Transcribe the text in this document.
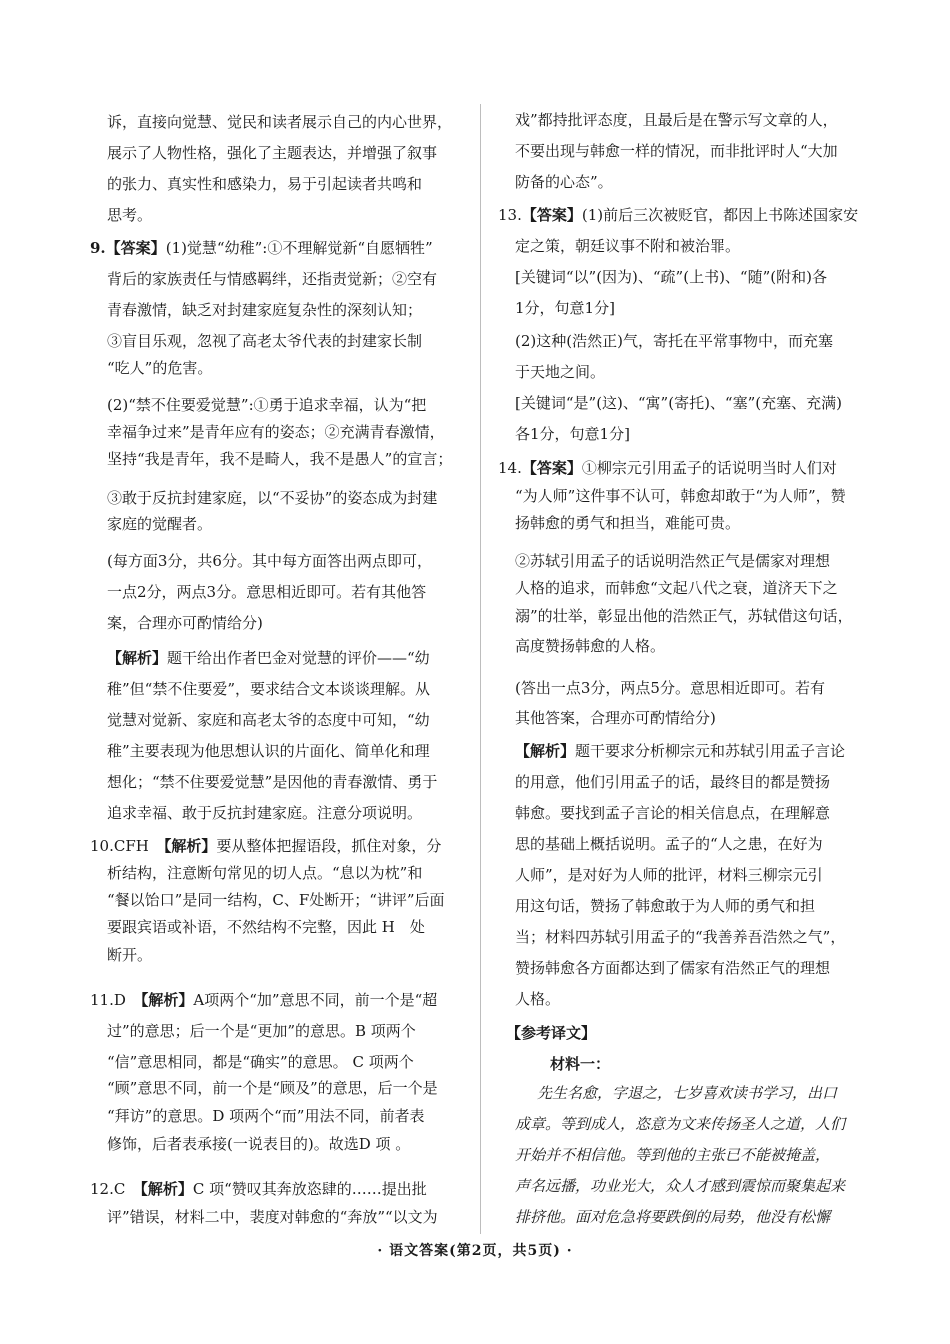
诉，直接向觉慧、觉民和读者展示自己的内心世界，
展示了人物性格，强化了主题表达，并增强了叙事
的张力、真实性和感染力，易于引起读者共鸣和
思考。
9.【答案】(1)觉慧“幼稚”:①不理解觉新“自愿牺牲”
背后的家族责任与情感羁绊，还指责觉新；②空有
青春激情，缺乏对封建家庭复杂性的深刻认知；
③盲目乐观，忽视了高老太爷代表的封建家长制
“吃人”的危害。
(2)“禁不住要爱觉慧”:①勇于追求幸福，认为“把
幸福争过来”是青年应有的姿态；②充满青春激情，
坚持“我是青年，我不是畸人，我不是愚人”的宣言；
③敢于反抗封建家庭，以“不妥协”的姿态成为封建
家庭的觉醒者。
(每方面3分，共6分。其中每方面答出两点即可，
一点2分，两点3分。意思相近即可。若有其他答
案，合理亦可酌情给分)
【解析】题干给出作者巴金对觉慧的评价——“幼
稚”但“禁不住要爱”，要求结合文本谈谈理解。从
觉慧对觉新、家庭和高老太爷的态度中可知，“幼
稚”主要表现为他思想认识的片面化、简单化和理
想化；“禁不住要爱觉慧”是因他的青春激情、勇于
追求幸福、敢于反抗封建家庭。注意分项说明。
10.CFH　【解析】要从整体把握语段，抓住对象，分
析结构，注意断句常见的切人点。“息以为枕”和
“餐以饴口”是同一结构，C、F处断开；“讲评”后面
要跟宾语或补语，不然结构不完整，因此 H　处
断开。
11.D　【解析】A项两个“加”意思不同，前一个是“超
过”的意思；后一个是“更加”的意思。B 项两个
“信”意思相同，都是“确实”的意思。 C 项两个
“顾”意思不同，前一个是“顾及”的意思，后一个是
“拜访”的意思。D 项两个“而”用法不同，前者表
修饰，后者表承接(一说表目的)。故选D 项 。
12.C　【解析】C 项“赞叹其奔放恣肆的……提出批
评”错误，材料二中，裴度对韩愈的“奔放”“以文为
戏”都持批评态度，且最后是在警示写文章的人，
不要出现与韩愈一样的情况，而非批评时人“大加
防备的心态”。
13.【答案】(1)前后三次被贬官，都因上书陈述国家安
定之策，朝廷议事不附和被治罪。
[关键词“以”(因为)、“疏”(上书)、“随”(附和)各
1分，句意1分]
(2)这种(浩然正)气，寄托在平常事物中，而充塞
于天地之间。
[关键词“是”(这)、“寓”(寄托)、“塞”(充塞、充满)
各1分，句意1分]
14.【答案】①柳宗元引用孟子的话说明当时人们对
“为人师”这件事不认可，韩愈却敢于“为人师”，赞
扬韩愈的勇气和担当，难能可贵。
②苏轼引用孟子的话说明浩然正气是儒家对理想
人格的追求，而韩愈“文起八代之衰，道济天下之
溺”的壮举，彰显出他的浩然正气，苏轼借这句话，
高度赞扬韩愈的人格。
(答出一点3分，两点5分。意思相近即可。若有
其他答案，合理亦可酌情给分)
【解析】题干要求分析柳宗元和苏轼引用孟子言论
的用意，他们引用孟子的话，最终目的都是赞扬
韩愈。要找到孟子言论的相关信息点，在理解意
思的基础上概括说明。孟子的“人之患，在好为
人师”，是对好为人师的批评，材料三柳宗元引
用这句话，赞扬了韩愈敢于为人师的勇气和担
当；材料四苏轼引用孟子的“我善养吾浩然之气”，
赞扬韩愈各方面都达到了儒家有浩然正气的理想
人格。
【参考译文】
材料一：
先生名愈，字退之，七岁喜欢读书学习，出口
成章。等到成人，恣意为文来传扬圣人之道，人们
开始并不相信他。等到他的主张已不能被掩盖，
声名远播，功业光大，众人才感到震惊而聚集起来
排挤他。面对危急将要跌倒的局势，他没有松懈
· 语文答案(第2页，共5页) ·
